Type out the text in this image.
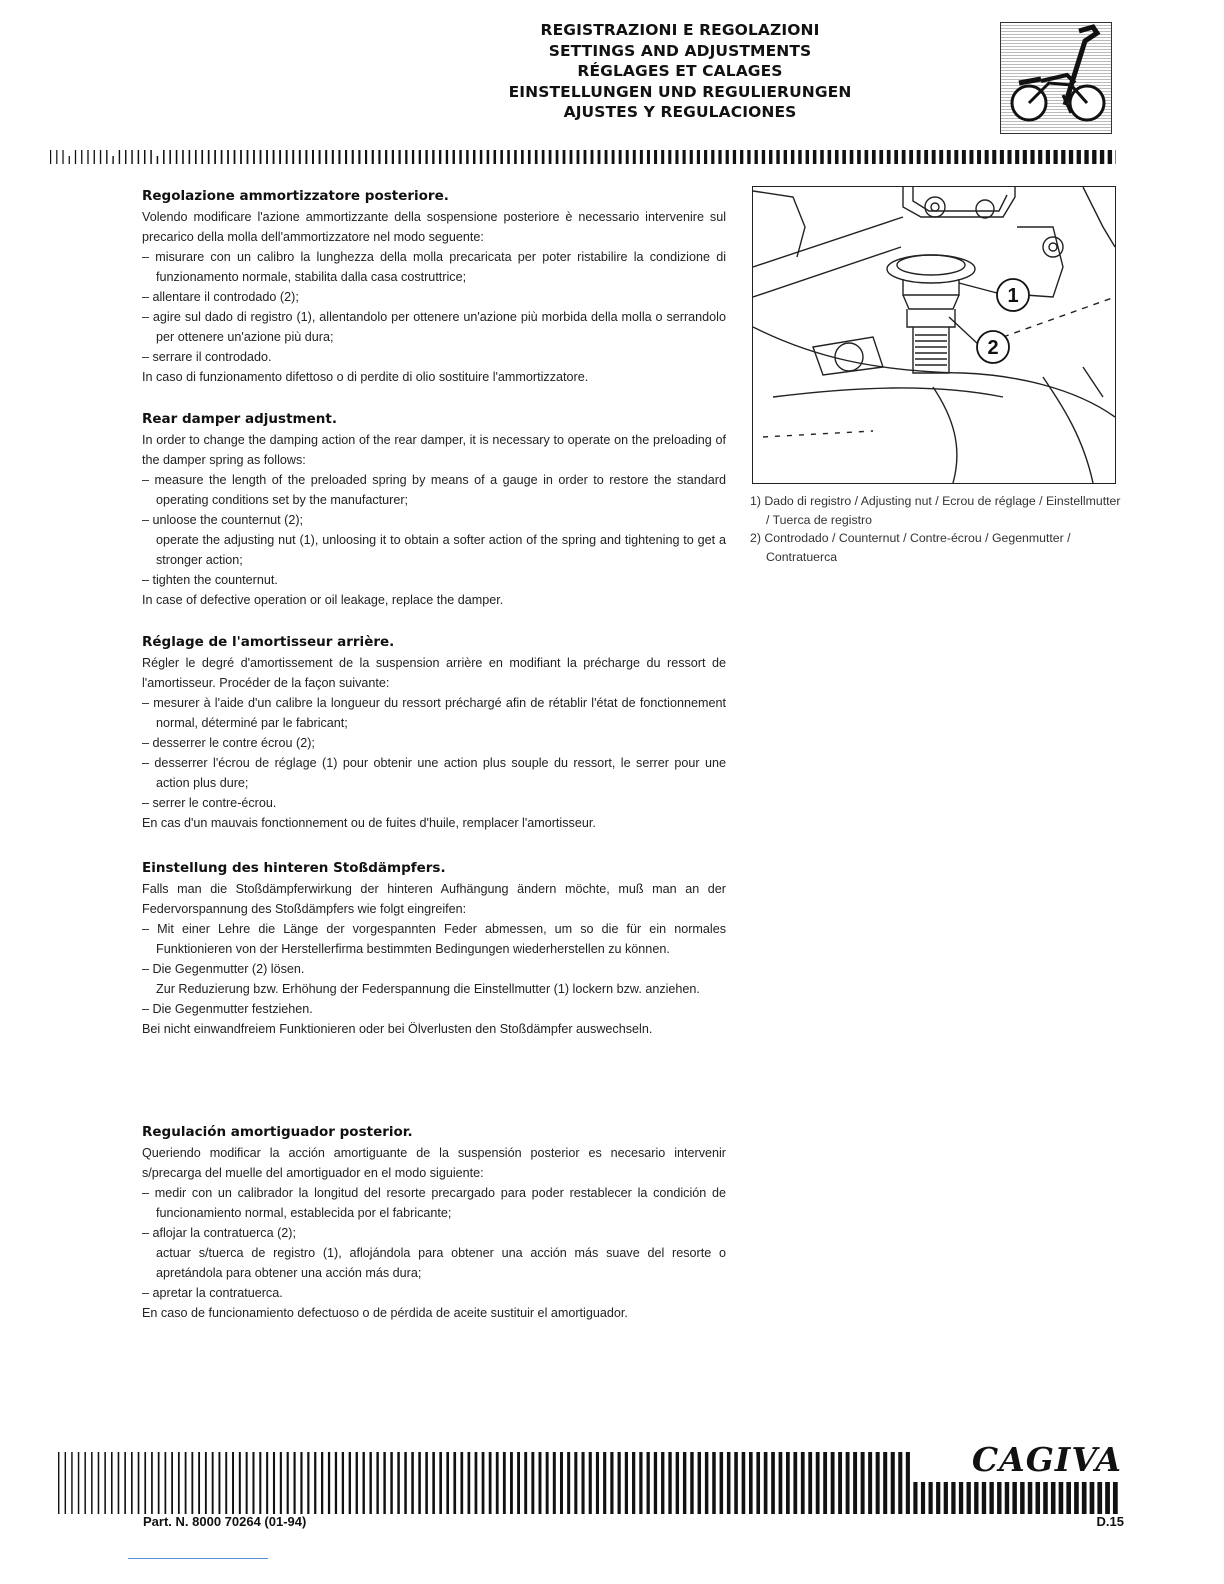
REGISTRAZIONI E REGOLAZIONI
SETTINGS AND ADJUSTMENTS
RÉGLAGES ET CALAGES
EINSTELLUNGEN UND REGULIERUNGEN
AJUSTES Y REGULACIONES
Regolazione ammortizzatore posteriore.

Volendo modificare l'azione ammortizzante della sospensione posteriore è necessario intervenire sul precarico della molla dell'ammortizzatore nel modo seguente:

– misurare con un calibro la lunghezza della molla precaricata per poter ristabilire la condizione di funzionamento normale, stabilita dalla casa costruttrice;

– allentare il controdado (2);

– agire sul dado di registro (1), allentandolo per ottenere un'azione più morbida della molla o serrandolo per ottenere un'azione più dura;

– serrare il controdado.

In caso di funzionamento difettoso o di perdite di olio sostituire l'ammortizzatore.

Rear damper adjustment.

In order to change the damping action of the rear damper, it is necessary to operate on the preloading of the damper spring as follows:

– measure the length of the preloaded spring by means of a gauge in order to restore the standard operating conditions set by the manufacturer;

– unloose the counternut (2);

operate the adjusting nut (1), unloosing it to obtain a softer action of the spring and tightening to get a stronger action;

– tighten the counternut.

In case of defective operation or oil leakage, replace the damper.

Réglage de l'amortisseur arrière.

Régler le degré d'amortissement de la suspension arrière en modifiant la précharge du ressort de l'amortisseur. Procéder de la façon suivante:

– mesurer à l'aide d'un calibre la longueur du ressort préchargé afin de rétablir l'état de fonctionnement normal, déterminé par le fabricant;

– desserrer le contre écrou (2);

– desserrer l'écrou de réglage (1) pour obtenir une action plus souple du ressort, le serrer pour une action plus dure;

– serrer le contre-écrou.

En cas d'un mauvais fonctionnement ou de fuites d'huile, remplacer l'amortisseur.

Einstellung des hinteren Stoßdämpfers.

Falls man die Stoßdämpferwirkung der hinteren Aufhängung ändern möchte, muß man an der Federvorspannung des Stoßdämpfers wie folgt eingreifen:

– Mit einer Lehre die Länge der vorgespannten Feder abmessen, um so die für ein normales Funktionieren von der Herstellerfirma bestimmten Bedingungen wiederherstellen zu können.

– Die Gegenmutter (2) lösen.

Zur Reduzierung bzw. Erhöhung der Federspannung die Einstellmutter (1) lockern bzw. anziehen.

– Die Gegenmutter festziehen.

Bei nicht einwandfreiem Funktionieren oder bei Ölverlusten den Stoßdämpfer auswechseln.

Regulación amortiguador posterior.

Queriendo modificar la acción amortiguante de la suspensión posterior es necesario intervenir s/precarga del muelle del amortiguador en el modo siguiente:

– medir con un calibrador la longitud del resorte precargado para poder restablecer la condición de funcionamiento normal, establecida por el fabricante;

– aflojar la contratuerca (2);

actuar s/tuerca de registro (1), aflojándola para obtener una acción más suave del resorte o apretándola para obtener una acción más dura;

– apretar la contratuerca.

En caso de funcionamiento defectuoso o de pérdida de aceite sustituir el amortiguador.

1
2
1) Dado di registro / Adjusting nut / Ecrou de réglage / Einstellmutter / Tuerca de registro
2) Controdado / Counternut / Contre-écrou / Gegenmutter / Contratuerca
CAGIVA
Part. N. 8000 70264 (01-94)	D.15
